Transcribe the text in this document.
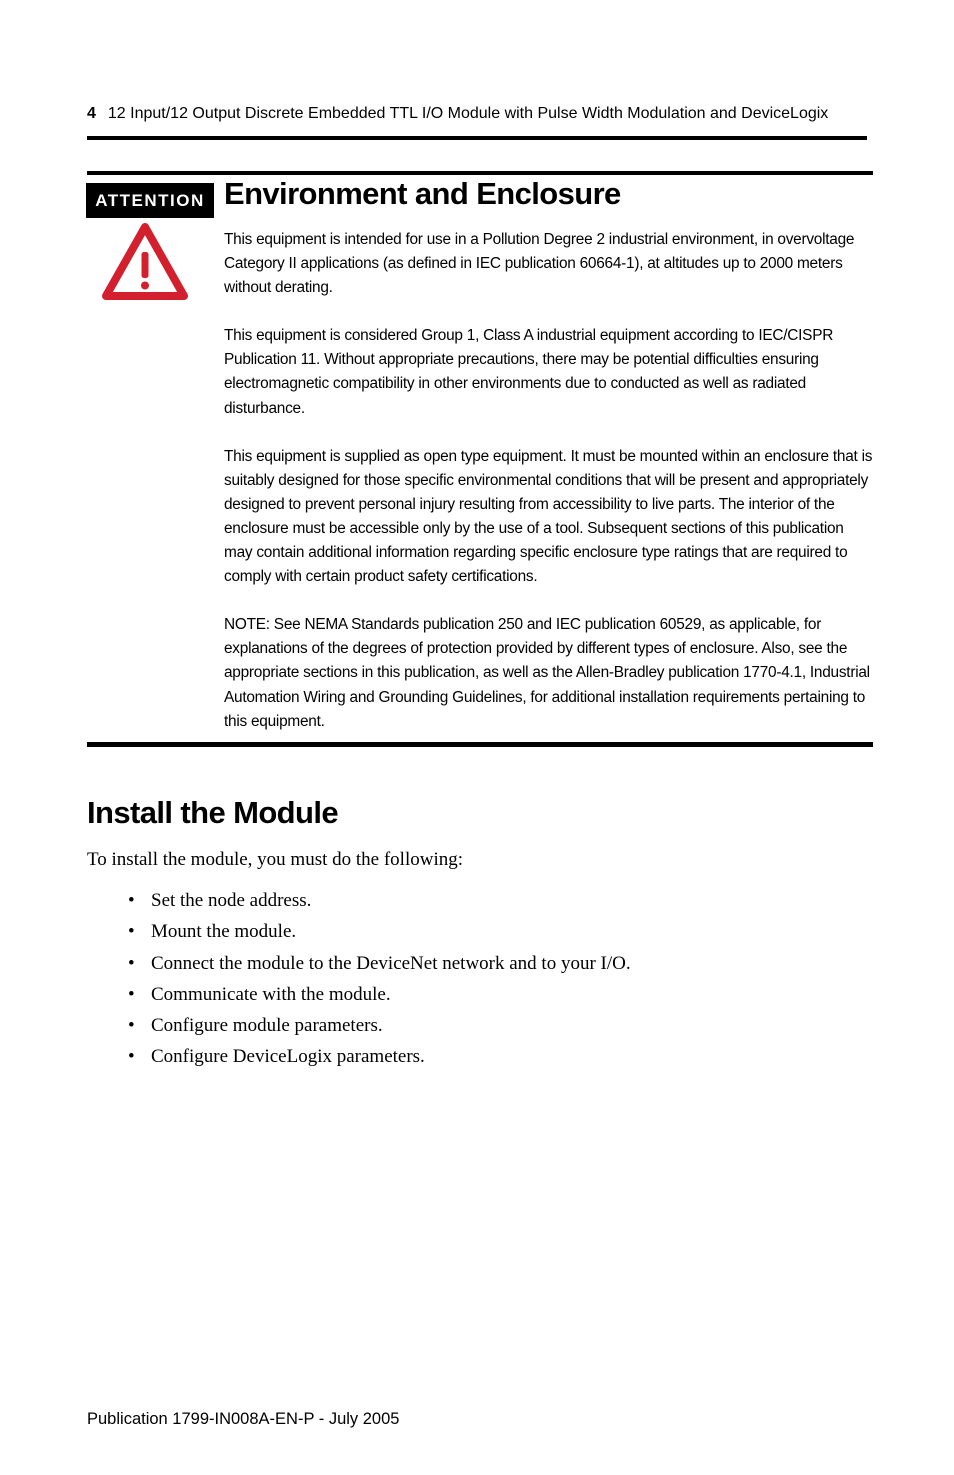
4 12 Input/12 Output Discrete Embedded TTL I/O Module with Pulse Width Modulation and DeviceLogix
ATTENTION Environment and Enclosure

This equipment is intended for use in a Pollution Degree 2 industrial environment, in overvoltage Category II applications (as defined in IEC publication 60664-1), at altitudes up to 2000 meters without derating.

This equipment is considered Group 1, Class A industrial equipment according to IEC/CISPR Publication 11. Without appropriate precautions, there may be potential difficulties ensuring electromagnetic compatibility in other environments due to conducted as well as radiated disturbance.

This equipment is supplied as open type equipment. It must be mounted within an enclosure that is suitably designed for those specific environmental conditions that will be present and appropriately designed to prevent personal injury resulting from accessibility to live parts. The interior of the enclosure must be accessible only by the use of a tool. Subsequent sections of this publication may contain additional information regarding specific enclosure type ratings that are required to comply with certain product safety certifications.

NOTE: See NEMA Standards publication 250 and IEC publication 60529, as applicable, for explanations of the degrees of protection provided by different types of enclosure. Also, see the appropriate sections in this publication, as well as the Allen-Bradley publication 1770-4.1, Industrial Automation Wiring and Grounding Guidelines, for additional installation requirements pertaining to this equipment.

Install the Module

To install the module, you must do the following:

• Set the node address.
• Mount the module.
• Connect the module to the DeviceNet network and to your I/O.
• Communicate with the module.
• Configure module parameters.
• Configure DeviceLogix parameters.

Publication 1799-IN008A-EN-P - July 2005
